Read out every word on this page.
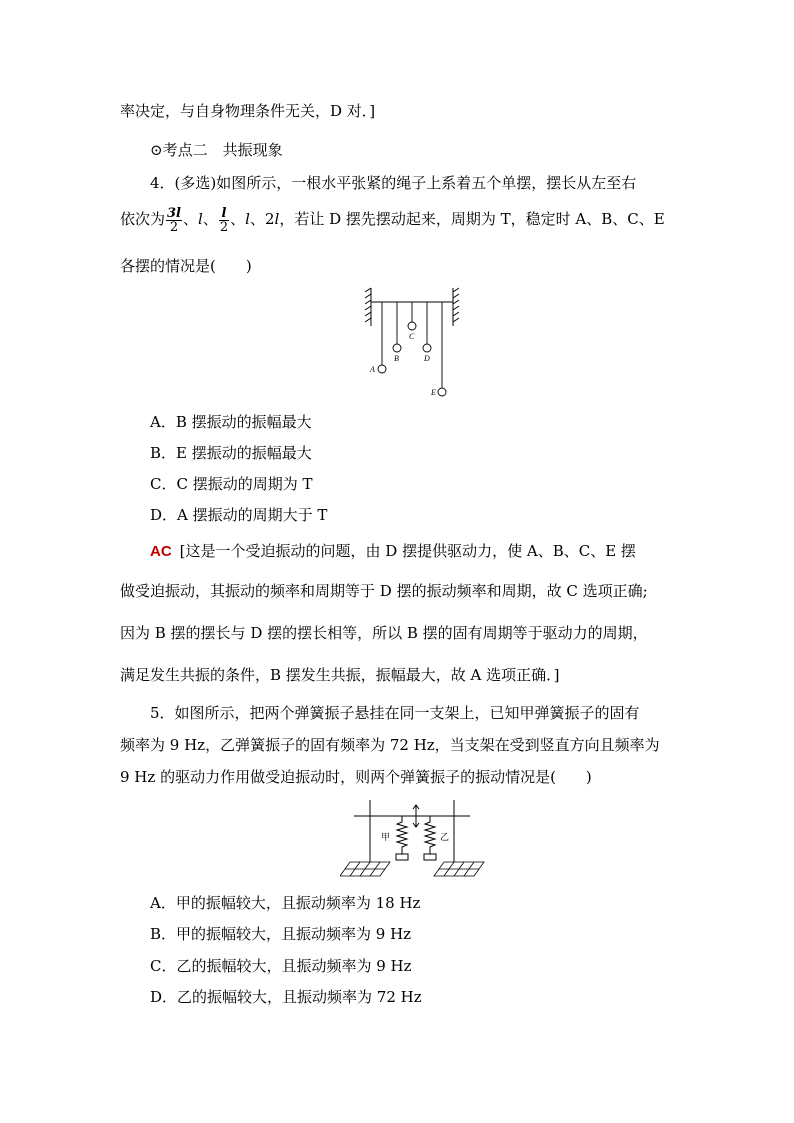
率决定，与自身物理条件无关，D 对．]
⊙考点二　共振现象
4．(多选)如图所示，一根水平张紧的绳子上系着五个单摆，摆长从左至右
依次为 $\frac{3l}{2}$ 、l、 $\frac{l}{2}$ 、l、2l，若让 D 摆先摆动起来，周期为 T，稳定时 A、B、C、E
各摆的情况是(　　)
A
B
C
D
E
A．B 摆振动的振幅最大
B．E 摆振动的振幅最大
C．C 摆振动的周期为 T
D．A 摆振动的周期大于 T
AC [这是一个受迫振动的问题，由 D 摆提供驱动力，使 A、B、C、E 摆
做受迫振动，其振动的频率和周期等于 D 摆的振动频率和周期，故 C 选项正确;
因为 B 摆的摆长与 D 摆的摆长相等，所以 B 摆的固有周期等于驱动力的周期，
满足发生共振的条件，B 摆发生共振，振幅最大，故 A 选项正确．]
5．如图所示，把两个弹簧振子悬挂在同一支架上，已知甲弹簧振子的固有
频率为 9 Hz，乙弹簧振子的固有频率为 72 Hz，当支架在受到竖直方向且频率为
9 Hz 的驱动力作用做受迫振动时，则两个弹簧振子的振动情况是(　　)
甲	乙
A．甲的振幅较大，且振动频率为 18 Hz
B．甲的振幅较大，且振动频率为 9 Hz
C．乙的振幅较大，且振动频率为 9 Hz
D．乙的振幅较大，且振动频率为 72 Hz
